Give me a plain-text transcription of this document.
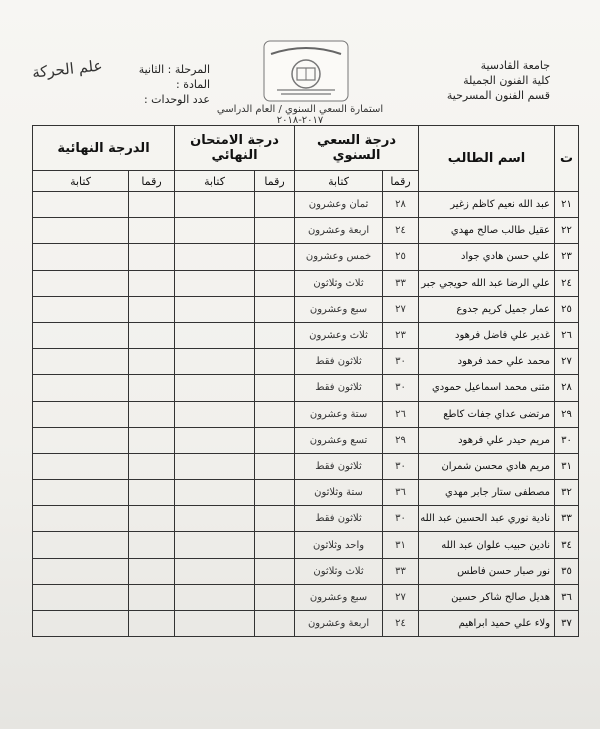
المرحلة : الثانية
المادة :
عدد الوحدات :
علم الحركة	جامعة القادسية
كلية الفنون الجميلة
قسم الفنون المسرحية
استمارة السعي السنوي / العام الدراسي ٢٠١٧-٢٠١٨
ت	اسم الطالب	درجة السعي السنوي		درجة الامتحان النهائي		الدرجة النهائية	
		رقما	كتابة	رقما	كتابة	رقما	كتابة
٢١	عبد الله نعيم كاظم زغير	٢٨	ثمان وعشرون				
٢٢	عقيل طالب صالح مهدي	٢٤	اربعة وعشرون				
٢٣	علي حسن هادي جواد	٢٥	خمس وعشرون				
٢٤	علي الرضا عبد الله حويجي جبر	٣٣	ثلاث وثلاثون				
٢٥	عمار جميل كريم جدوع	٢٧	سبع وعشرون				
٢٦	غدير علي فاضل فرهود	٢٣	ثلاث وعشرون				
٢٧	محمد علي حمد فرهود	٣٠	ثلاثون فقط				
٢٨	مثنى محمد اسماعيل حمودي	٣٠	ثلاثون فقط				
٢٩	مرتضى عداي جفات كاطع	٢٦	ستة وعشرون				
٣٠	مريم حيدر علي فرهود	٢٩	تسع وعشرون				
٣١	مريم هادي محسن شمران	٣٠	ثلاثون فقط				
٣٢	مصطفى ستار جابر مهدي	٣٦	ستة وثلاثون				
٣٣	نادية نوري عبد الحسين عبد الله	٣٠	ثلاثون فقط				
٣٤	نادين حبيب علوان عبد الله	٣١	واحد وثلاثون				
٣٥	نور صبار حسن فاطس	٣٣	ثلاث وثلاثون				
٣٦	هديل صالح شاكر حسين	٢٧	سبع وعشرون				
٣٧	ولاء علي حميد ابراهيم	٢٤	اربعة وعشرون				
